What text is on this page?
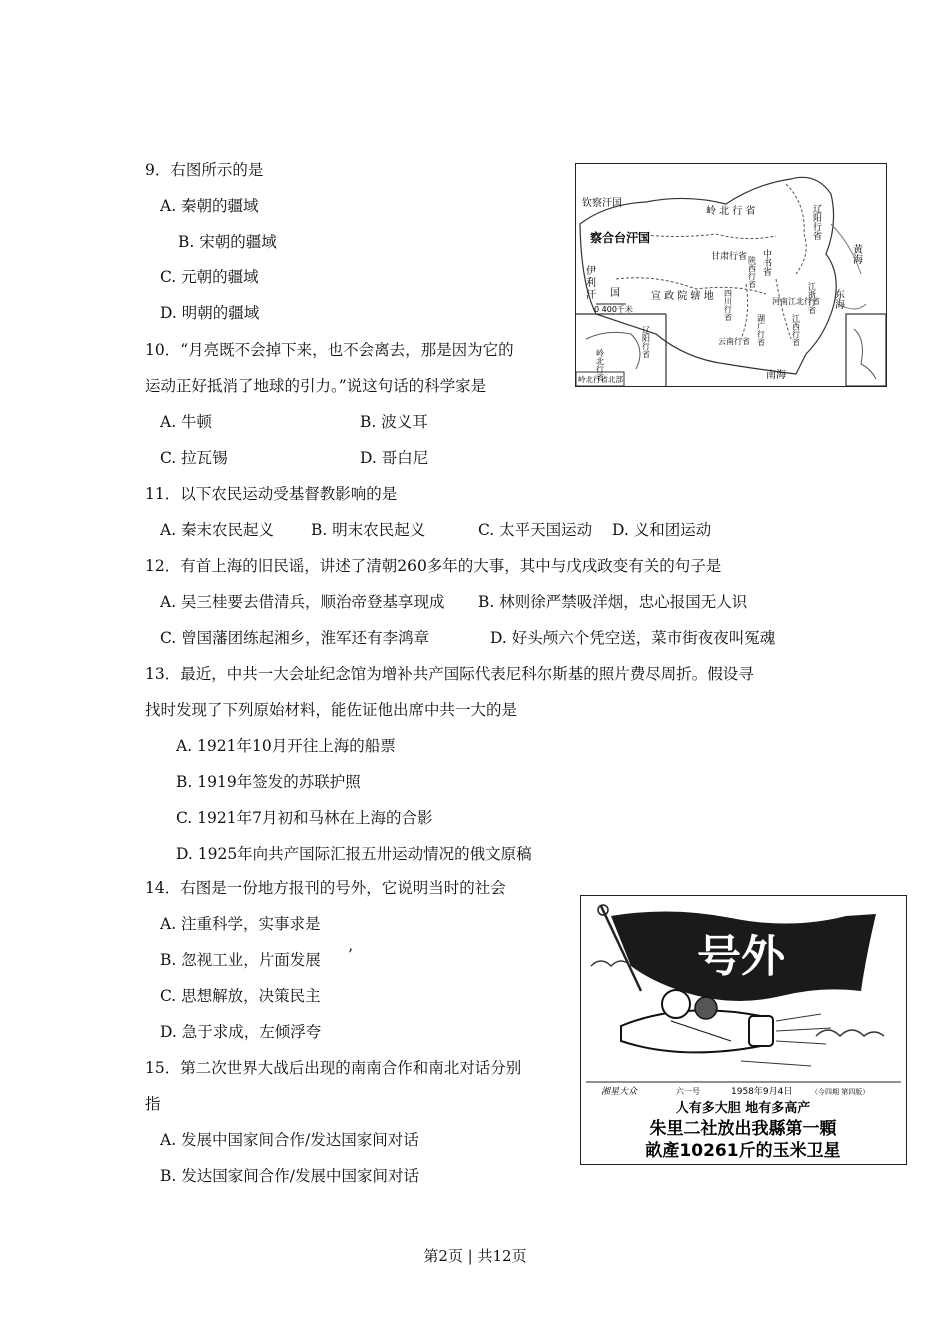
9．右图所示的是
A. 秦朝的疆域
B. 宋朝的疆域
C. 元朝的疆域
D. 明朝的疆域
钦察汗国
察合台汗国
伊
利
汗 国
岭 北 行 省	辽阳行省
中书省
甘肃行省
宣 政 院 辖 地
陕西行省
河南江北行省
四川行省
湖广行省	江西行省
江浙行省
云南行省
东海
南海
黄海
0 400千米
岭北行省
辽阳行省
岭北行省北部
10．“月亮既不会掉下来，也不会离去，那是因为它的
运动正好抵消了地球的引力。”说这句话的科学家是
A. 牛顿	B. 波义耳
C. 拉瓦锡	D. 哥白尼
11．以下农民运动受基督教影响的是
A. 秦末农民起义 B. 明末农民起义	C. 太平天国运动 D. 义和团运动
12．有首上海的旧民谣，讲述了清朝260多年的大事，其中与戊戌政变有关的句子是
A. 吴三桂要去借清兵，顺治帝登基享现成 B. 林则徐严禁吸洋烟，忠心报国无人识
C. 曾国藩团练起湘乡，淮军还有李鸿章	D. 好头颅六个凭空送，菜市街夜夜叫冤魂
13．最近，中共一大会址纪念馆为增补共产国际代表尼科尔斯基的照片费尽周折。假设寻
找时发现了下列原始材料，能佐证他出席中共一大的是
A. 1921年10月开往上海的船票
B. 1919年签发的苏联护照
C. 1921年7月初和马林在上海的合影
D. 1925年向共产国际汇报五卅运动情况的俄文原稿
14．右图是一份地方报刊的号外，它说明当时的社会
A. 注重科学，实事求是
B. 忽视工业，片面发展 ’
C. 思想解放，决策民主
D. 急于求成，左倾浮夸
号外
湘星大众	六一号	1958年9月4日	（今四期 第四版）
人有多大胆 地有多高产
朱里二社放出我縣第一顆
畝產10261斤的玉米卫星
15．第二次世界大战后出现的南南合作和南北对话分别
指
A. 发展中国家间合作/发达国家间对话
B. 发达国家间合作/发展中国家间对话
第2页 | 共12页
